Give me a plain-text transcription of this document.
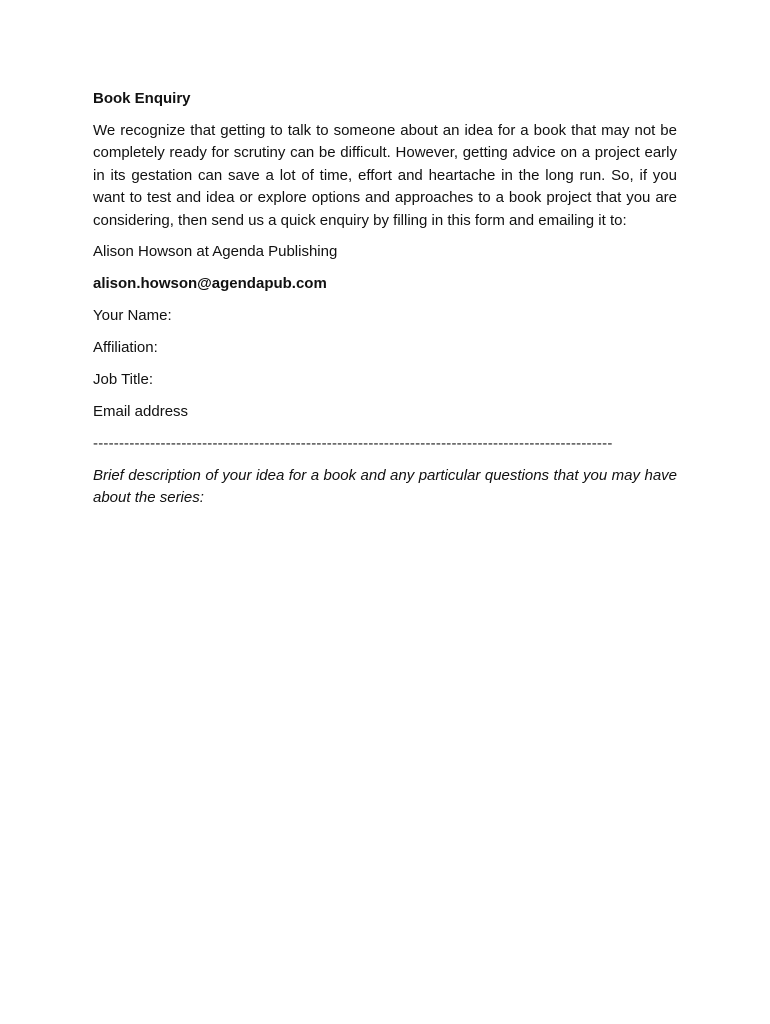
Book Enquiry
We recognize that getting to talk to someone about an idea for a book that may not be completely ready for scrutiny can be difficult. However, getting advice on a project early in its gestation can save a lot of time, effort and heartache in the long run. So, if you want to test and idea or explore options and approaches to a book project that you are considering, then send us a quick enquiry by filling in this form and emailing it to:
Alison Howson at Agenda Publishing
alison.howson@agendapub.com
Your Name:
Affiliation:
Job Title:
Email address
----------------------------------------------------------------------------------------------------
Brief description of your idea for a book and any particular questions that you may have about the series:
